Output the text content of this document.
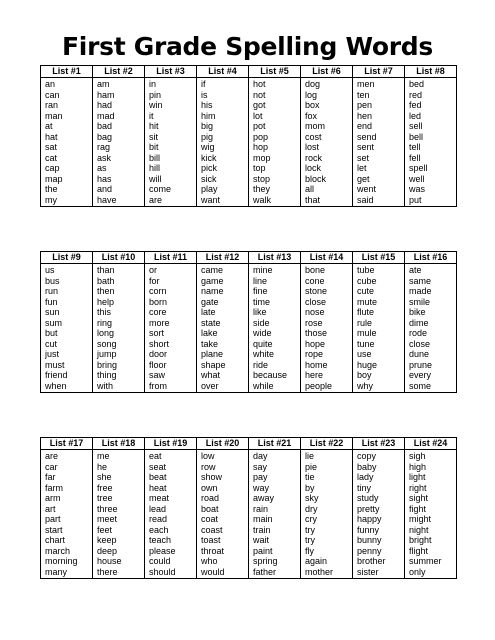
First Grade Spelling Words
List #1	List #2	List #3	List #4	List #5	List #6	List #7	List #8
an	am	in	if	hot	dog	men	bed
can	ham	pin	is	not	log	ten	red
ran	had	win	his	got	box	pen	fed
man	mad	it	him	lot	fox	hen	led
at	bad	hit	big	pot	mom	end	sell
hat	bag	sit	pig	pop	cost	send	bell
sat	rag	bit	wig	hop	lost	sent	tell
cat	ask	bill	kick	mop	rock	set	fell
cap	as	hill	pick	top	lock	let	spell
map	has	will	sick	stop	block	get	well
the	and	come	play	they	all	went	was
my	have	are	want	walk	that	said	put
List #9	List #10	List #11	List #12	List #13	List #14	List #15	List #16
us	than	or	came	mine	bone	tube	ate
bus	bath	for	game	line	cone	cube	same
run	then	corn	name	fine	stone	cute	made
fun	help	born	gate	time	close	mute	smile
sun	this	core	late	like	nose	flute	bike
sum	ring	more	state	side	rose	rule	dime
but	long	sort	lake	wide	those	mule	rode
cut	song	short	take	quite	hope	tune	close
just	jump	door	plane	white	rope	use	dune
must	bring	floor	shape	ride	home	huge	prune
friend	thing	saw	what	because	here	boy	every
when	with	from	over	while	people	why	some
List #17	List #18	List #19	List #20	List #21	List #22	List #23	List #24
are	me	eat	low	day	lie	copy	sigh
car	he	seat	row	say	pie	baby	high
far	she	beat	show	pay	tie	lady	light
farm	free	heat	own	way	by	tiny	right
arm	tree	meat	road	away	sky	study	sight
art	three	lead	boat	rain	dry	pretty	fight
part	meet	read	coat	main	cry	happy	might
start	feet	each	coast	train	try	funny	night
chart	keep	teach	toast	wait	try	bunny	bright
march	deep	please	throat	paint	fly	penny	flight
morning	house	could	who	spring	again	brother	summer
many	there	should	would	father	mother	sister	only
